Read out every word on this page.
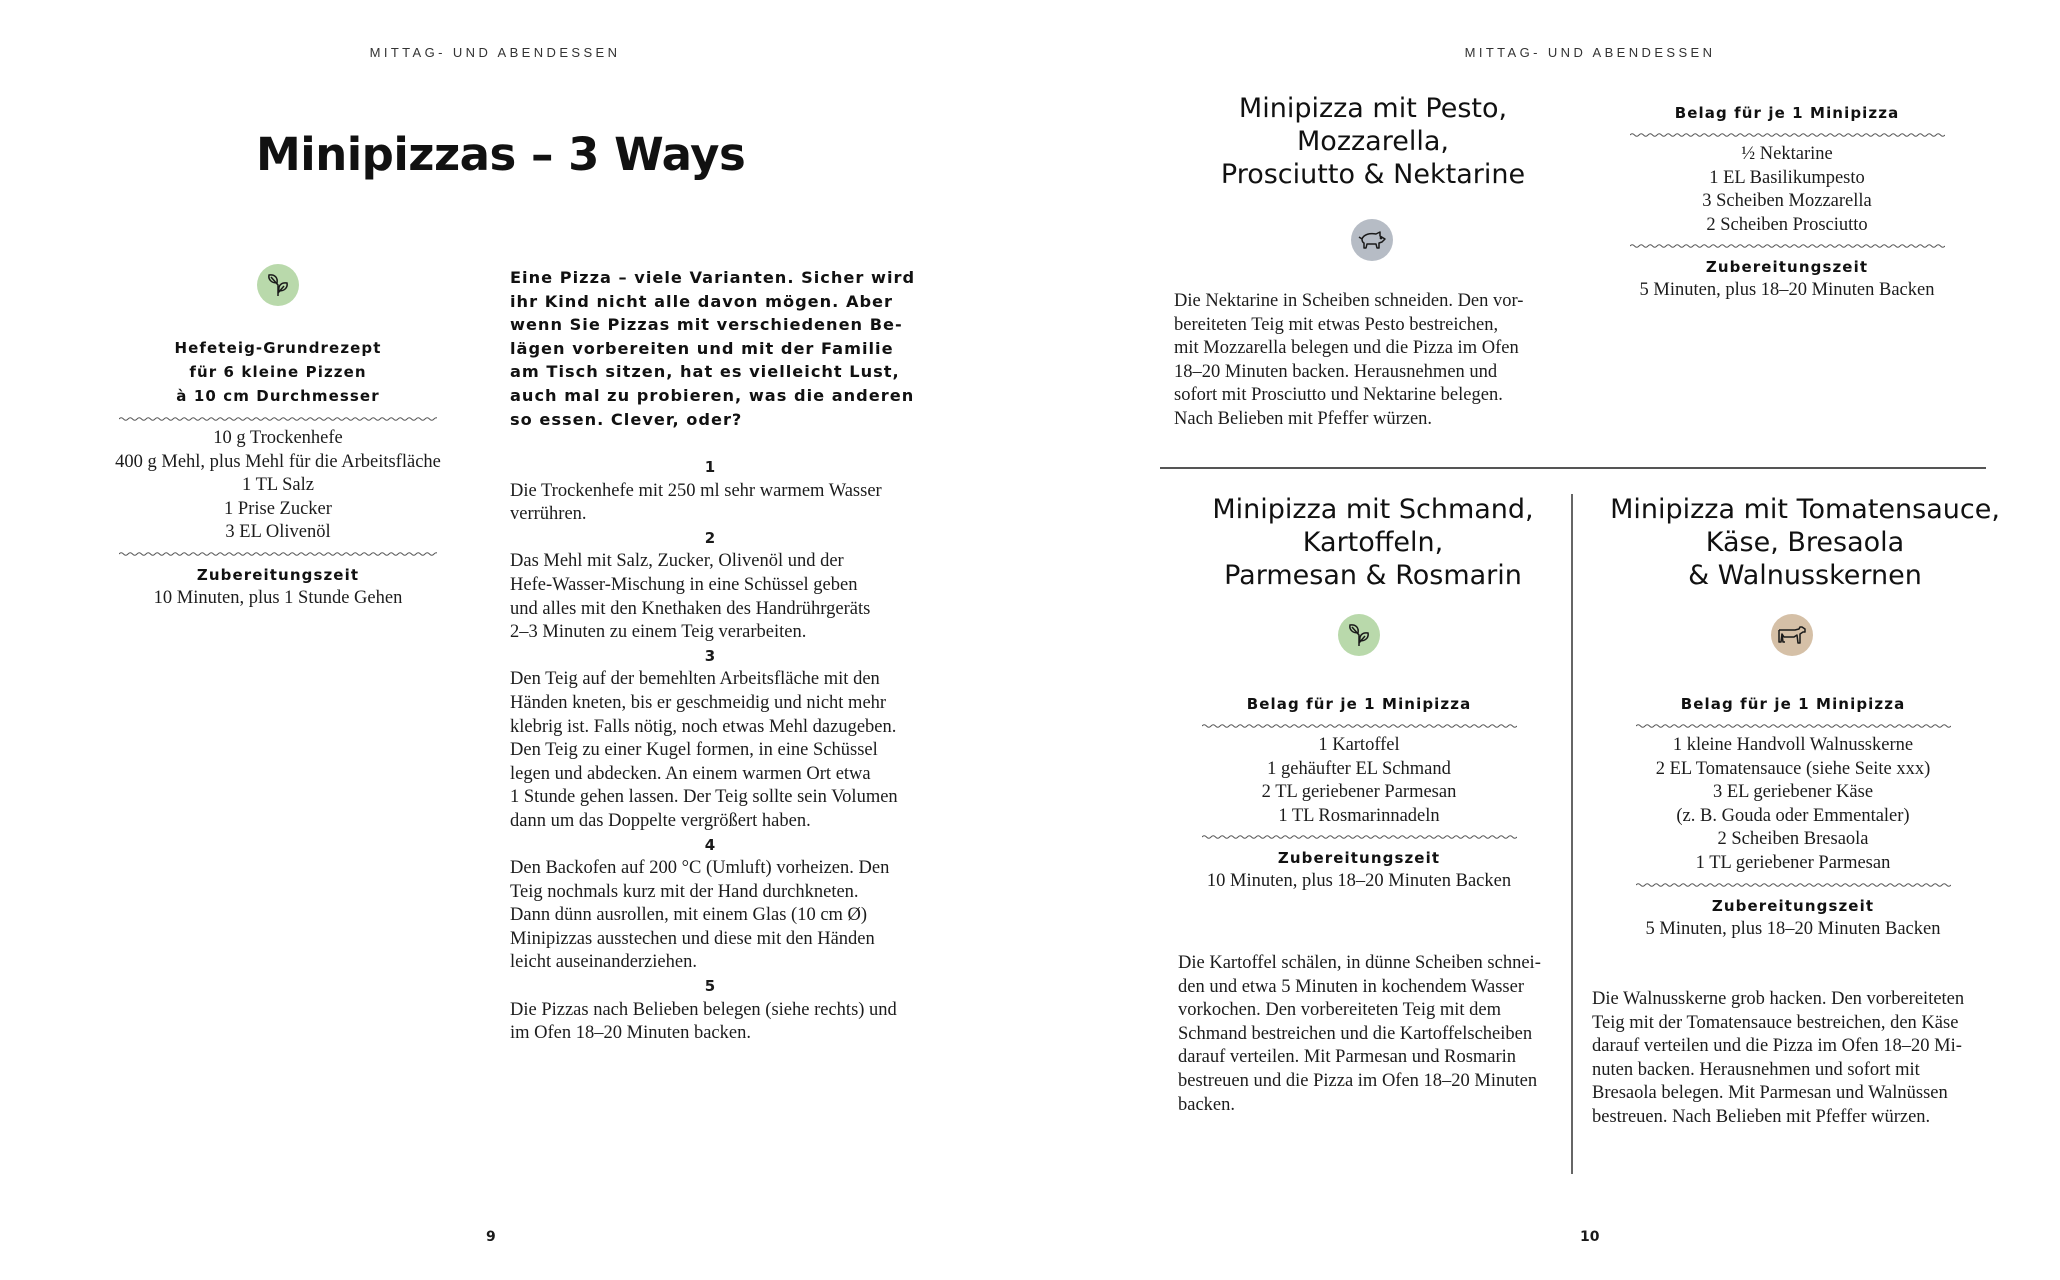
MITTAG- UND ABENDESSEN
Minipizzas – 3 Ways
Hefeteig-Grundrezept
für 6 kleine Pizzen
à 10 cm Durchmesser
10 g Trockenhefe
400 g Mehl, plus Mehl für die Arbeitsfläche
1 TL Salz
1 Prise Zucker
3 EL Olivenöl
Zubereitungszeit
10 Minuten, plus 1 Stunde Gehen
Eine Pizza – viele Varianten. Sicher wird
ihr Kind nicht alle davon mögen. Aber
wenn Sie Pizzas mit verschiedenen Be-
lägen vorbereiten und mit der Familie
am Tisch sitzen, hat es vielleicht Lust,
auch mal zu probieren, was die anderen
so essen. Clever, oder?
1
Die Trockenhefe mit 250 ml sehr warmem Wasser
verrühren.
2
Das Mehl mit Salz, Zucker, Olivenöl und der
Hefe-Wasser-Mischung in eine Schüssel geben
und alles mit den Knethaken des Handrührgeräts
2–3 Minuten zu einem Teig verarbeiten.
3
Den Teig auf der bemehlten Arbeitsfläche mit den
Händen kneten, bis er geschmeidig und nicht mehr
klebrig ist. Falls nötig, noch etwas Mehl dazugeben.
Den Teig zu einer Kugel formen, in eine Schüssel
legen und abdecken. An einem warmen Ort etwa
1 Stunde gehen lassen. Der Teig sollte sein Volumen
dann um das Doppelte vergrößert haben.
4
Den Backofen auf 200 °C (Umluft) vorheizen. Den
Teig nochmals kurz mit der Hand durchkneten.
Dann dünn ausrollen, mit einem Glas (10 cm Ø)
Minipizzas ausstechen und diese mit den Händen
leicht auseinanderziehen.
5
Die Pizzas nach Belieben belegen (siehe rechts) und
im Ofen 18–20 Minuten backen.
9
MITTAG- UND ABENDESSEN
Minipizza mit Pesto,
Mozzarella,
Prosciutto & Nektarine
Die Nektarine in Scheiben schneiden. Den vor-
bereiteten Teig mit etwas Pesto bestreichen,
mit Mozzarella belegen und die Pizza im Ofen
18–20 Minuten backen. Herausnehmen und
sofort mit Prosciutto und Nektarine belegen.
Nach Belieben mit Pfeffer würzen.
Belag für je 1 Minipizza
½ Nektarine
1 EL Basilikumpesto
3 Scheiben Mozzarella
2 Scheiben Prosciutto
Zubereitungszeit
5 Minuten, plus 18–20 Minuten Backen
Minipizza mit Schmand,
Kartoffeln,
Parmesan & Rosmarin
Belag für je 1 Minipizza
1 Kartoffel
1 gehäufter EL Schmand
2 TL geriebener Parmesan
1 TL Rosmarinnadeln
Zubereitungszeit
10 Minuten, plus 18–20 Minuten Backen
Die Kartoffel schälen, in dünne Scheiben schnei-
den und etwa 5 Minuten in kochendem Wasser
vorkochen. Den vorbereiteten Teig mit dem
Schmand bestreichen und die Kartoffelscheiben
darauf verteilen. Mit Parmesan und Rosmarin
bestreuen und die Pizza im Ofen 18–20 Minuten
backen.
Minipizza mit Tomatensauce,
Käse, Bresaola
& Walnusskernen
Belag für je 1 Minipizza
1 kleine Handvoll Walnusskerne
2 EL Tomatensauce (siehe Seite xxx)
3 EL geriebener Käse
(z. B. Gouda oder Emmentaler)
2 Scheiben Bresaola
1 TL geriebener Parmesan
Zubereitungszeit
5 Minuten, plus 18–20 Minuten Backen
Die Walnusskerne grob hacken. Den vorbereiteten
Teig mit der Tomatensauce bestreichen, den Käse
darauf verteilen und die Pizza im Ofen 18–20 Mi-
nuten backen. Herausnehmen und sofort mit
Bresaola belegen. Mit Parmesan und Walnüssen
bestreuen. Nach Belieben mit Pfeffer würzen.
10
